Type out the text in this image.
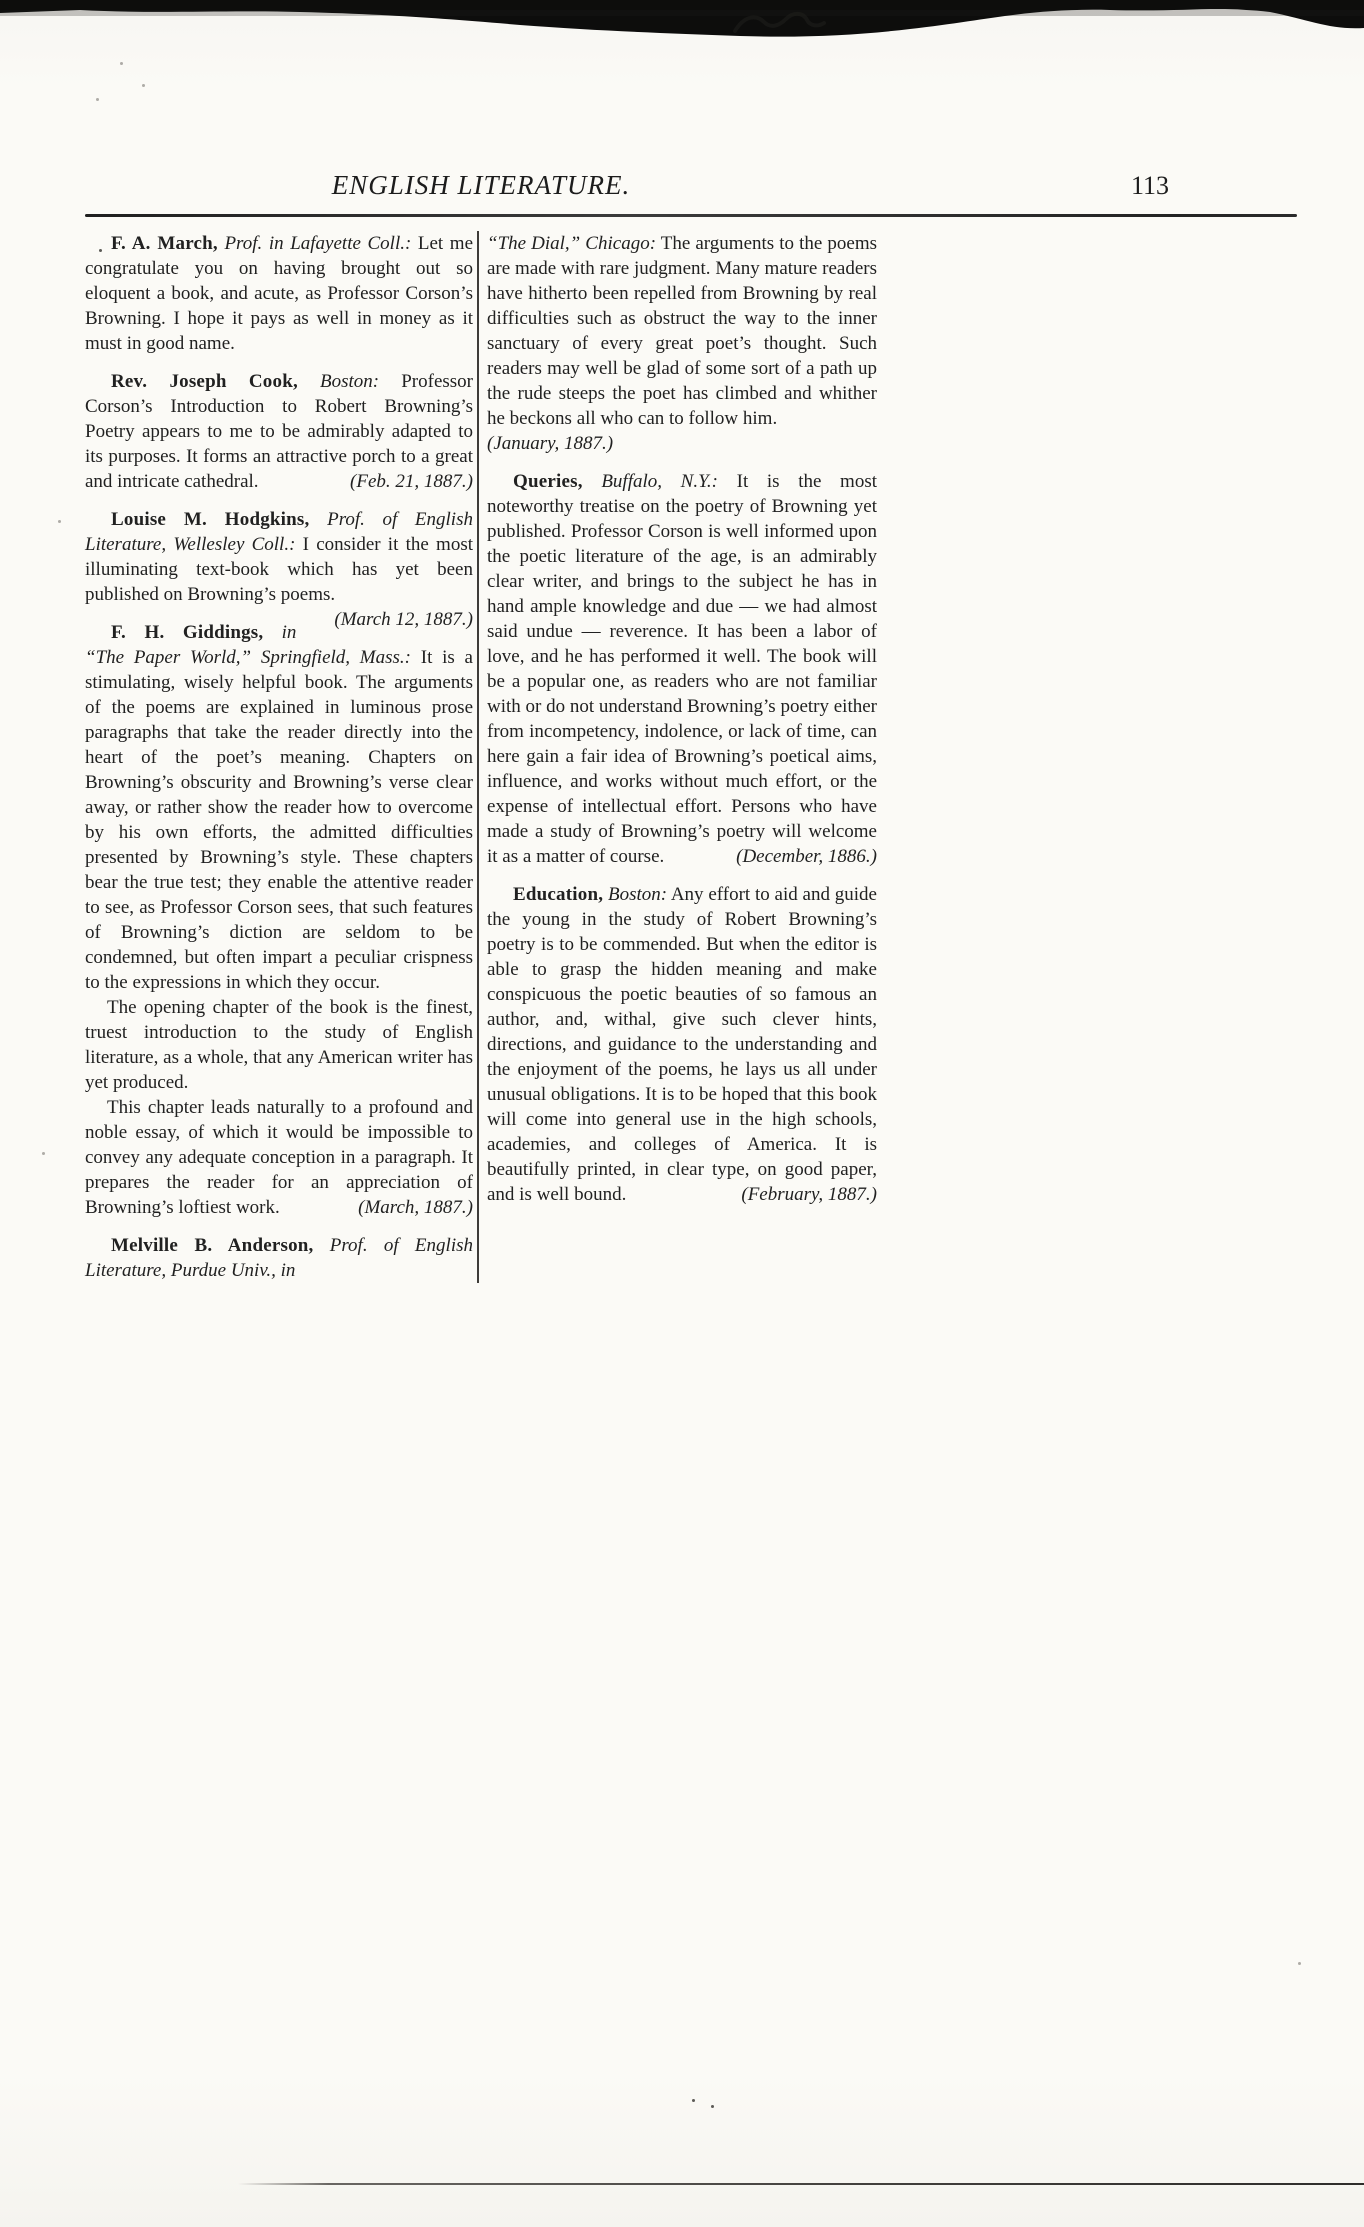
ENGLISH LITERATURE.	113

F. A. March, Prof. in Lafayette Coll.: Let me congratulate you on having brought out so eloquent a book, and acute, as Professor Corson’s Browning. I hope it pays as well in money as it must in good name.

Rev. Joseph Cook, Boston: Professor Corson’s Introduction to Robert Browning’s Poetry appears to me to be admirably adapted to its purposes. It forms an attractive porch to a great and intricate cathedral.	(Feb. 21, 1887.)

Louise M. Hodgkins, Prof. of English Literature, Wellesley Coll.: I consider it the most illuminating text-book which has yet been published on Browning’s poems.
(March 12, 1887.)

F. H. Giddings, in “The Paper World,” Springfield, Mass.: It is a stimulating, wisely helpful book. The arguments of the poems are explained in luminous prose paragraphs that take the reader directly into the heart of the poet’s meaning. Chapters on Browning’s obscurity and Browning’s verse clear away, or rather show the reader how to overcome by his own efforts, the admitted difficulties presented by Browning’s style. These chapters bear the true test; they enable the attentive reader to see, as Professor Corson sees, that such features of Browning’s diction are seldom to be condemned, but often impart a peculiar crispness to the expressions in which they occur.

The opening chapter of the book is the finest, truest introduction to the study of English literature, as a whole, that any American writer has yet produced.

This chapter leads naturally to a profound and noble essay, of which it would be impossible to convey any adequate conception in a paragraph. It prepares the reader for an appreciation of Browning’s loftiest work.	(March, 1887.)

Melville B. Anderson, Prof. of English Literature, Purdue Univ., in

“The Dial,” Chicago: The arguments to the poems are made with rare judgment. Many mature readers have hitherto been repelled from Browning by real difficulties such as obstruct the way to the inner sanctuary of every great poet’s thought. Such readers may well be glad of some sort of a path up the rude steeps the poet has climbed and whither he beckons all who can to follow him.

(January, 1887.)

Queries, Buffalo, N.Y.: It is the most noteworthy treatise on the poetry of Browning yet published. Professor Corson is well informed upon the poetic literature of the age, is an admirably clear writer, and brings to the subject he has in hand ample knowledge and due — we had almost said undue — reverence. It has been a labor of love, and he has performed it well. The book will be a popular one, as readers who are not familiar with or do not understand Browning’s poetry either from incompetency, indolence, or lack of time, can here gain a fair idea of Browning’s poetical aims, influence, and works without much effort, or the expense of intellectual effort. Persons who have made a study of Browning’s poetry will welcome it as a matter of course.	(December, 1886.)

Education, Boston: Any effort to aid and guide the young in the study of Robert Browning’s poetry is to be commended. But when the editor is able to grasp the hidden meaning and make conspicuous the poetic beauties of so famous an author, and, withal, give such clever hints, directions, and guidance to the understanding and the enjoyment of the poems, he lays us all under unusual obligations. It is to be hoped that this book will come into general use in the high schools, academies, and colleges of America. It is beautifully printed, in clear type, on good paper, and is well bound.	(February, 1887.)
